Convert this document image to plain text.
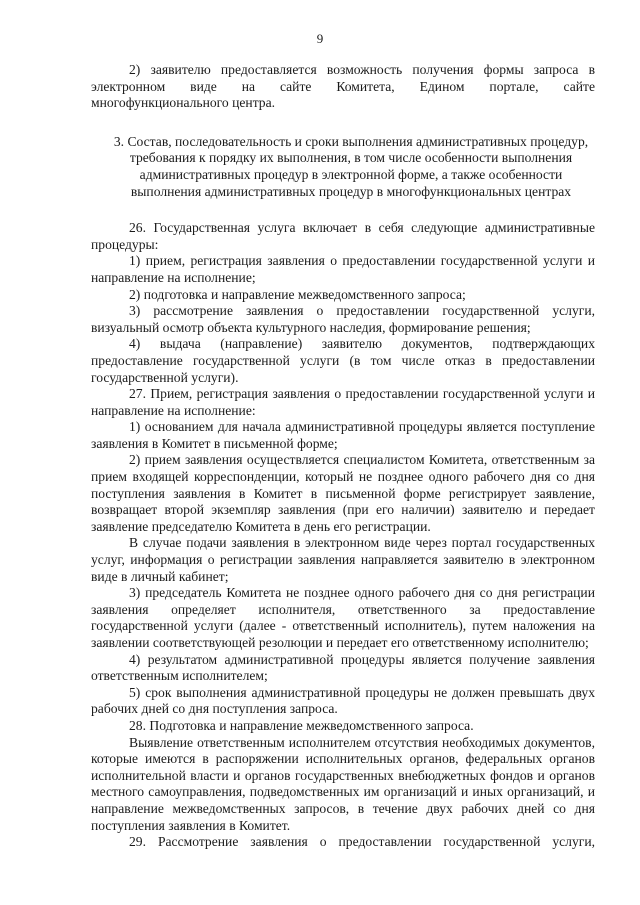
9

2) заявителю предоставляется возможность получения формы запроса в

электронном виде на сайте Комитета, Едином портале, сайте

многофункционального центра.

3. Состав, последовательность и сроки выполнения административных процедур, требования к порядку их выполнения, в том числе особенности выполнения административных процедур в электронной форме, а также особенности выполнения административных процедур в многофункциональных центрах

26. Государственная услуга включает в себя следующие административные процедуры:

1) прием, регистрация заявления о предоставлении государственной услуги и направление на исполнение;

2) подготовка и направление межведомственного запроса;

3) рассмотрение заявления о предоставлении государственной услуги, визуальный осмотр объекта культурного наследия, формирование решения;

4) выдача (направление) заявителю документов, подтверждающих предоставление государственной услуги (в том числе отказ в предоставлении государственной услуги).

27. Прием, регистрация заявления о предоставлении государственной услуги и направление на исполнение:

1) основанием для начала административной процедуры является поступление заявления в Комитет в письменной форме;

2) прием заявления осуществляется специалистом Комитета, ответственным за прием входящей корреспонденции, который не позднее одного рабочего дня со дня поступления заявления в Комитет в письменной форме регистрирует заявление, возвращает второй экземпляр заявления (при его наличии) заявителю и передает заявление председателю Комитета в день его регистрации.

В случае подачи заявления в электронном виде через портал государственных услуг, информация о регистрации заявления направляется заявителю в электронном виде в личный кабинет;

3) председатель Комитета не позднее одного рабочего дня со дня регистрации заявления определяет исполнителя, ответственного за предоставление государственной услуги (далее - ответственный исполнитель), путем наложения на заявлении соответствующей резолюции и передает его ответственному исполнителю;

4) результатом административной процедуры является получение заявления ответственным исполнителем;

5) срок выполнения административной процедуры не должен превышать двух рабочих дней со дня поступления запроса.

28. Подготовка и направление межведомственного запроса.

Выявление ответственным исполнителем отсутствия необходимых документов, которые имеются в распоряжении исполнительных органов, федеральных органов исполнительной власти и органов государственных внебюджетных фондов и органов местного самоуправления, подведомственных им организаций и иных организаций, и направление межведомственных запросов, в течение двух рабочих дней со дня поступления заявления в Комитет.

29. Рассмотрение заявления о предоставлении государственной услуги,
